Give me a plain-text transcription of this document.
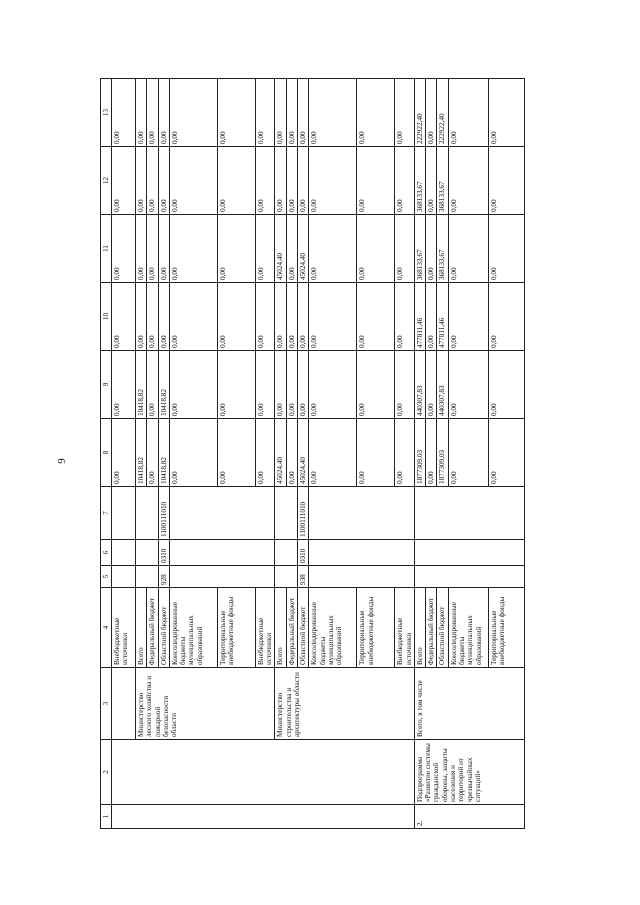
9
1	2	3	4	5	6	7	8	9	10	11	12	13
			Внебюджетные источники				0,00	0,00	0,00	0,00	0,00	0,00
		Министерство лесного хозяйства и пожарной безопасности области	Всего				10418,82	10418,82	0,00	0,00	0,00	0,00
			Федеральный бюджет				0,00	0,00	0,00	0,00	0,00	0,00
			Областной бюджет	928	0310	1100111010	10418,82	10418,82	0,00	0,00	0,00	0,00
			Консолидированные бюджеты муниципальных образований				0,00	0,00	0,00	0,00	0,00	0,00
			Территориальные внебюджетные фонды				0,00	0,00	0,00	0,00	0,00	0,00
			Внебюджетные источники				0,00	0,00	0,00	0,00	0,00	0,00
		Министерство строительства и архитектуры области	Всего				45024,40	0,00	0,00	45024,40	0,00	0,00
			Федеральный бюджет				0,00	0,00	0,00	0,00	0,00	0,00
			Областной бюджет	938	0310	1100111010	45024,40	0,00	0,00	45024,40	0,00	0,00
			Консолидированные бюджеты муниципальных образований				0,00	0,00	0,00	0,00	0,00	0,00
			Территориальные внебюджетные фонды				0,00	0,00	0,00	0,00	0,00	0,00
			Внебюджетные источники				0,00	0,00	0,00	0,00	0,00	0,00
2.	Подпрограмма «Развитие системы гражданской обороны, защиты населения и территорий от чрезвычайных ситуаций»	Всего, в том числе	Всего				1877309,03	440307,83	477811,46	368133,67	368133,67	222922,40
			Федеральный бюджет				0,00	0,00	0,00	0,00	0,00	0,00
			Областной бюджет				1877309,03	440307,83	477811,46	368133,67	368133,67	222922,40
			Консолидированные бюджеты муниципальных образований				0,00	0,00	0,00	0,00	0,00	0,00
			Территориальные внебюджетные фонды				0,00	0,00	0,00	0,00	0,00	0,00
